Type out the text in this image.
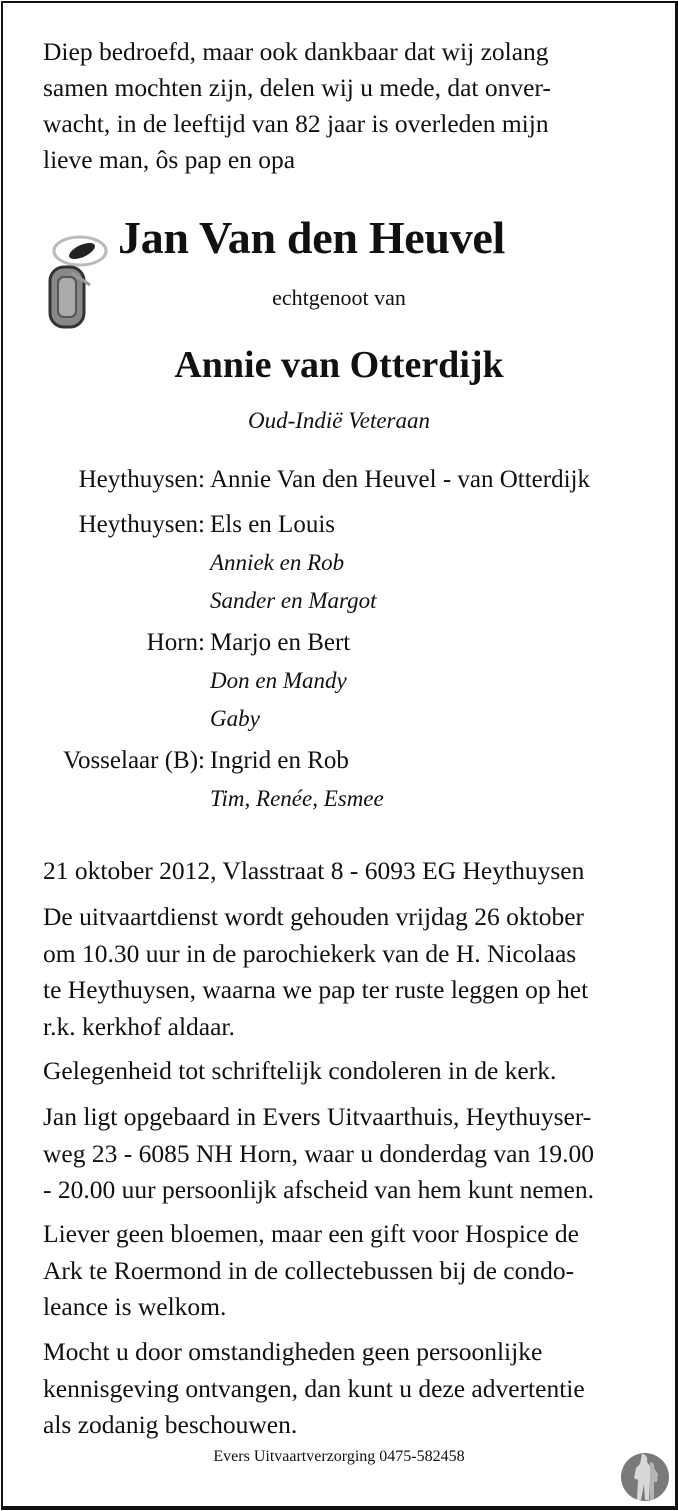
Diep bedroefd, maar ook dankbaar dat wij zolang
samen mochten zijn, delen wij u mede, dat onver-
wacht, in de leeftijd van 82 jaar is overleden mijn
lieve man, ôs pap en opa
Jan Van den Heuvel
echtgenoot van
Annie van Otterdijk
Oud-Indië Veteraan
Heythuysen: Annie Van den Heuvel - van Otterdijk
Heythuysen: Els en Louis
Anniek en Rob
Sander en Margot
Horn: Marjo en Bert
Don en Mandy
Gaby
Vosselaar (B): Ingrid en Rob
Tim, Renée, Esmee
21 oktober 2012, Vlasstraat 8 - 6093 EG Heythuysen
De uitvaartdienst wordt gehouden vrijdag 26 oktober
om 10.30 uur in de parochiekerk van de H. Nicolaas
te Heythuysen, waarna we pap ter ruste leggen op het
r.k. kerkhof aldaar.
Gelegenheid tot schriftelijk condoleren in de kerk.
Jan ligt opgebaard in Evers Uitvaarthuis, Heythuyser-
weg 23 - 6085 NH Horn, waar u donderdag van 19.00
- 20.00 uur persoonlijk afscheid van hem kunt nemen.
Liever geen bloemen, maar een gift voor Hospice de
Ark te Roermond in de collectebussen bij de condo-
leance is welkom.
Mocht u door omstandigheden geen persoonlijke
kennisgeving ontvangen, dan kunt u deze advertentie
als zodanig beschouwen.
Evers Uitvaartverzorging 0475-582458
